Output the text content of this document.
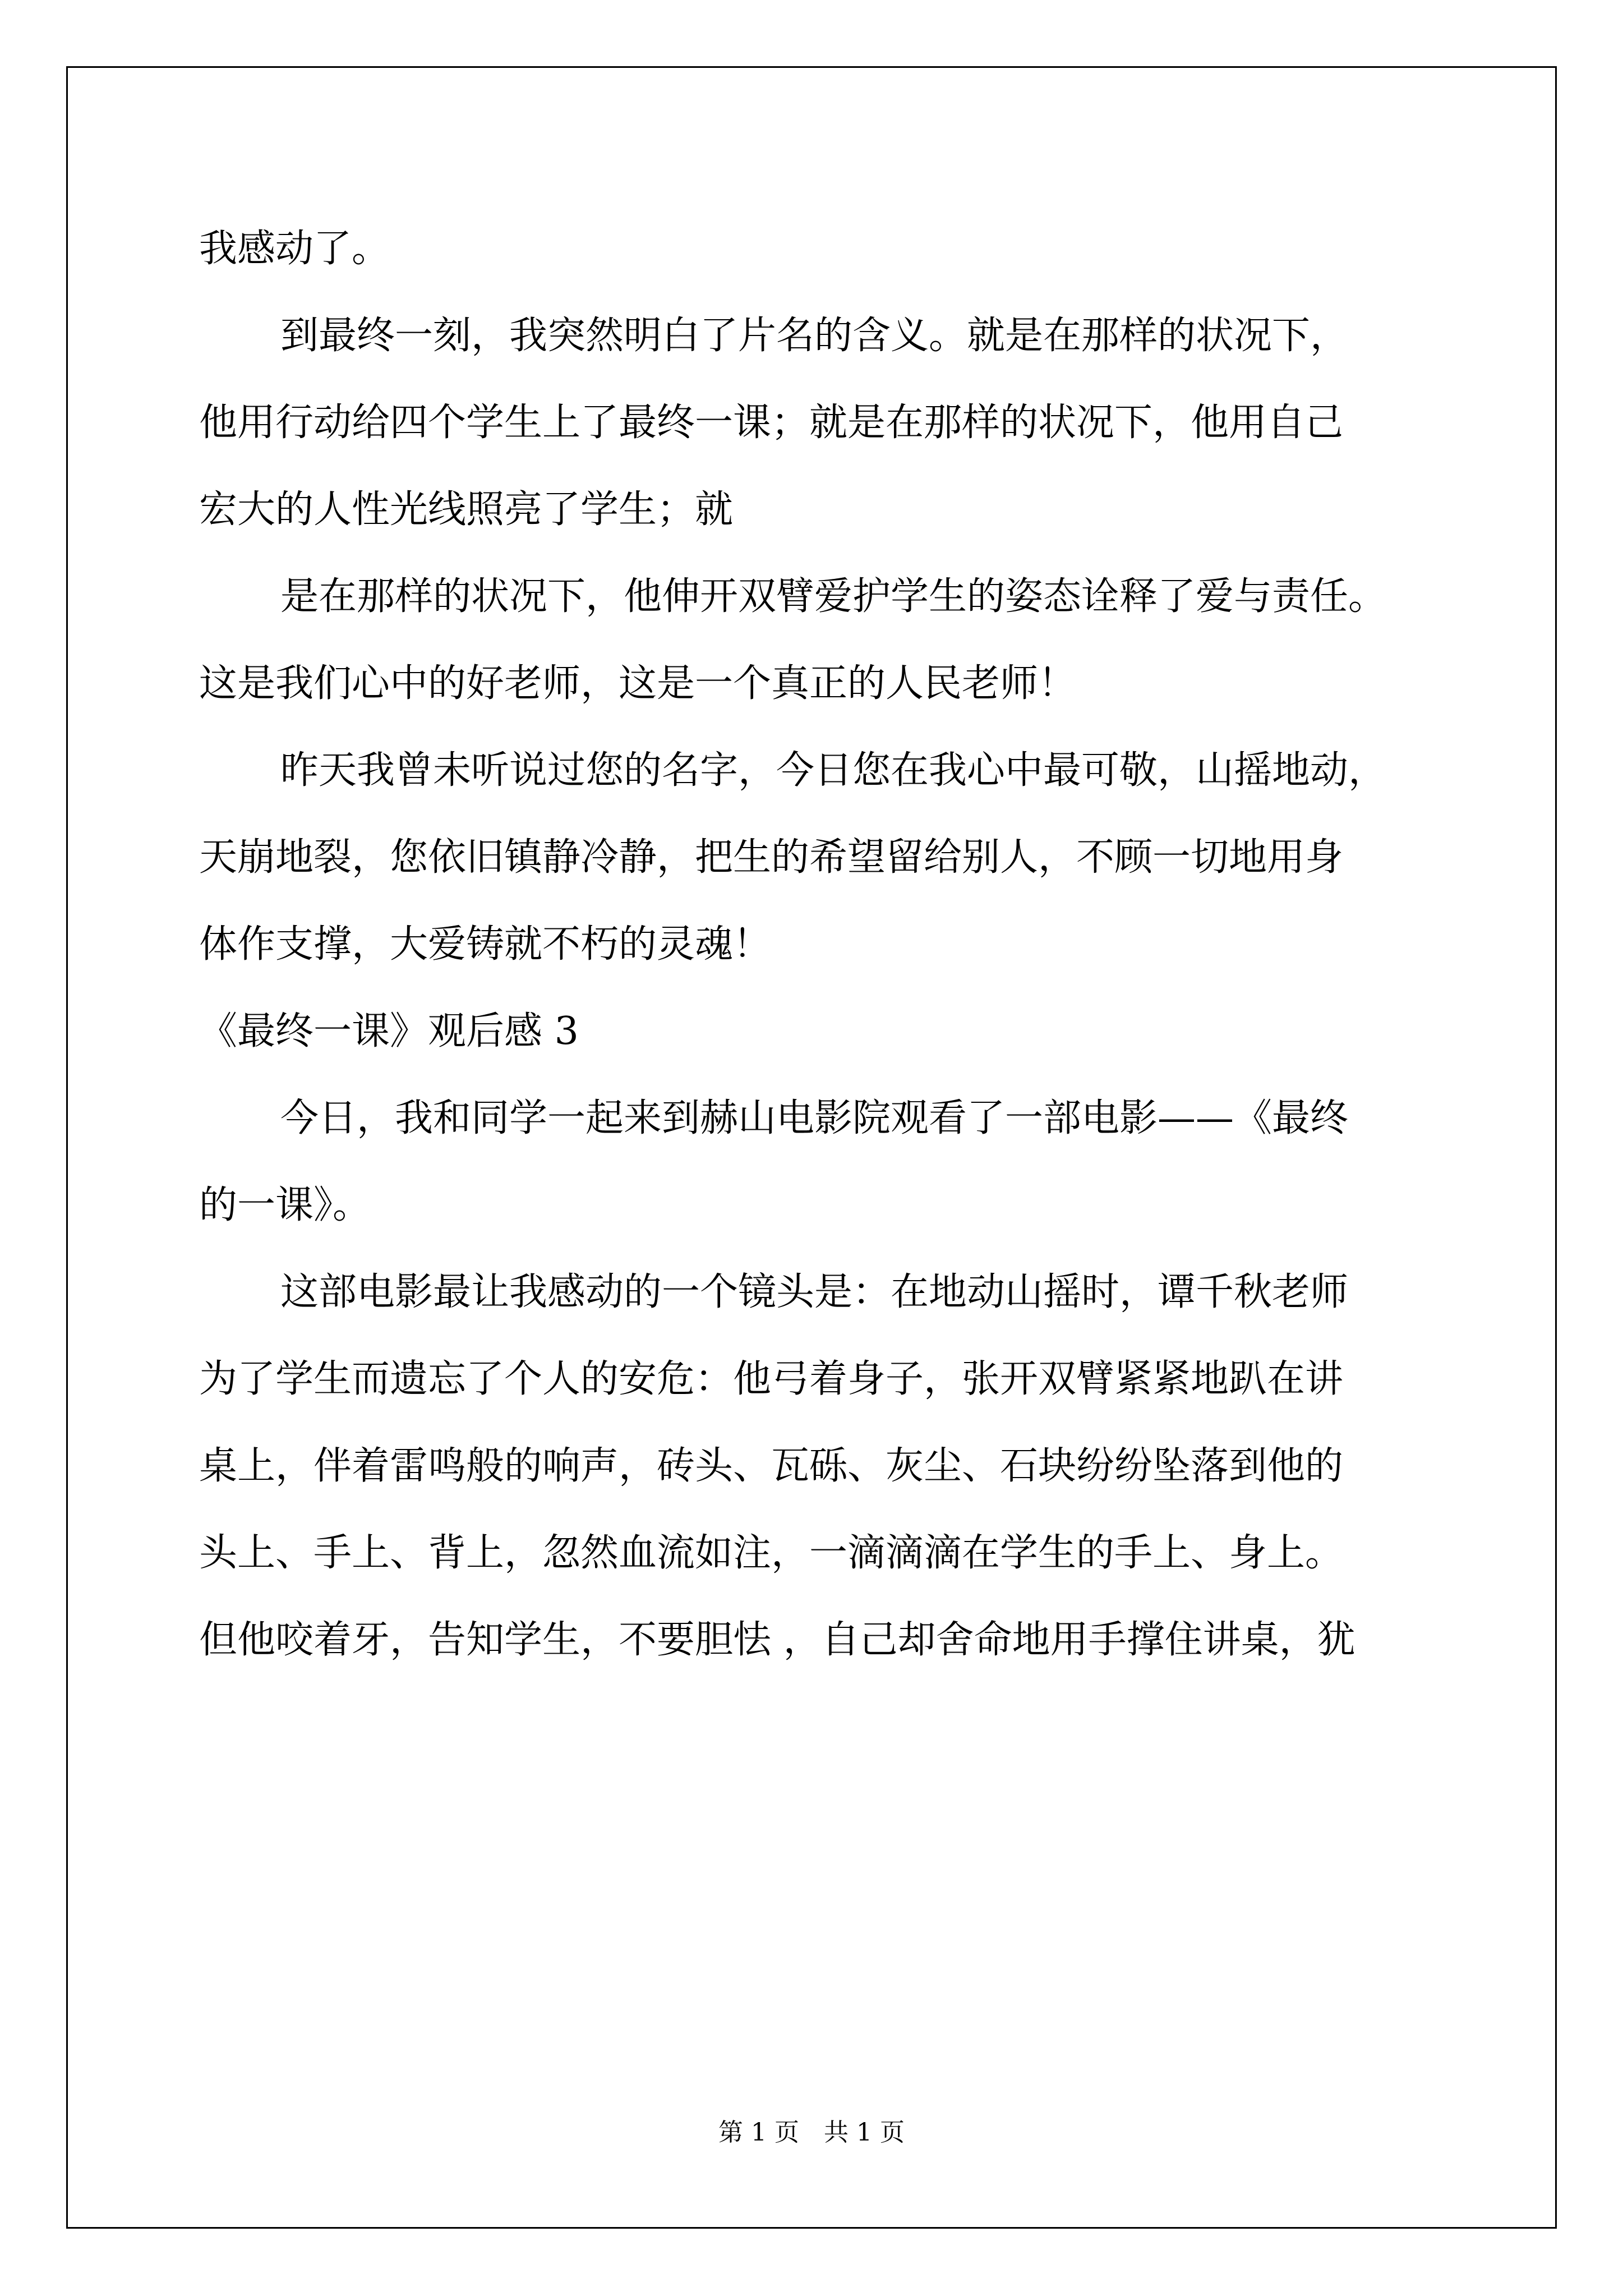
我感动了。
到最终一刻，我突然明白了片名的含义。就是在那样的状况下，
他用行动给四个学生上了最终一课；就是在那样的状况下，他用自己
宏大的人性光线照亮了学生；就
是在那样的状况下，他伸开双臂爱护学生的姿态诠释了爱与责任。
这是我们心中的好老师，这是一个真正的人民老师！
昨天我曾未听说过您的名字，今日您在我心中最可敬，山摇地动，
天崩地裂，您依旧镇静冷静，把生的希望留给别人，不顾一切地用身
体作支撑，大爱铸就不朽的灵魂！
《最终一课》观后感 3
今日，我和同学一起来到赫山电影院观看了一部电影——《最终
的一课》。
这部电影最让我感动的一个镜头是：在地动山摇时，谭千秋老师
为了学生而遗忘了个人的安危：他弓着身子，张开双臂紧紧地趴在讲
桌上，伴着雷鸣般的响声，砖头、瓦砾、灰尘、石块纷纷坠落到他的
头上、手上、背上，忽然血流如注，一滴滴滴在学生的手上、身上。
但他咬着牙，告知学生，不要胆怯 ，自己却舍命地用手撑住讲桌，犹
第 1 页　共 1 页
